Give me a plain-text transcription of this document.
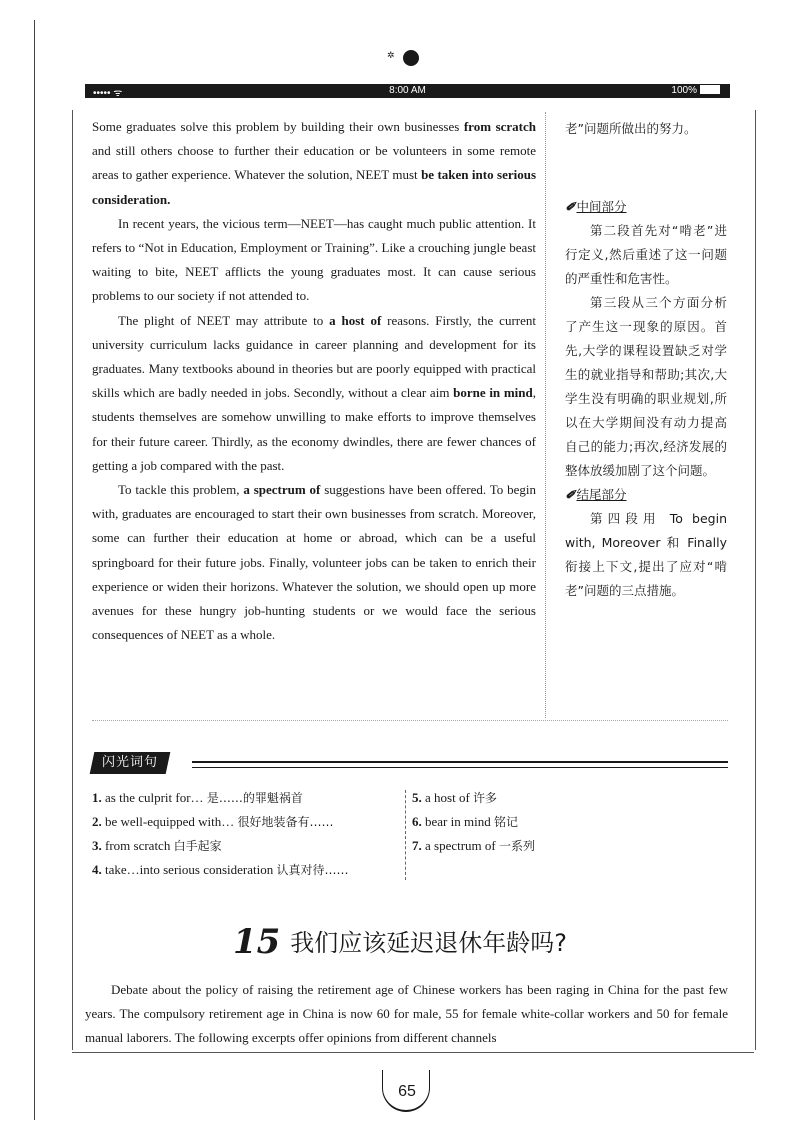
✲
••••• ᯤ	8:00 AM	100%

Some graduates solve this problem by building their own businesses from scratch and still others choose to further their education or be volunteers in some remote areas to gather experience. Whatever the solution, NEET must be taken into serious consideration.

In recent years, the vicious term—NEET—has caught much public attention. It refers to “Not in Education, Employment or Training”. Like a crouching jungle beast waiting to bite, NEET afflicts the young graduates most. It can cause serious problems to our society if not attended to.

The plight of NEET may attribute to a host of reasons. Firstly, the current university curriculum lacks guidance in career planning and development for its graduates. Many textbooks abound in theories but are poorly equipped with practical skills which are badly needed in jobs. Secondly, without a clear aim borne in mind, students themselves are somehow unwilling to make efforts to improve themselves for their future career. Thirdly, as the economy dwindles, there are fewer chances of getting a job compared with the past.

To tackle this problem, a spectrum of suggestions have been offered. To begin with, graduates are encouraged to start their own businesses from scratch. Moreover, some can further their education at home or abroad, which can be a useful springboard for their future jobs. Finally, volunteer jobs can be taken to enrich their experience or widen their horizons. Whatever the solution, we should open up more avenues for these hungry job-hunting students or we would face the serious consequences of NEET as a whole.

老”问题所做出的努力。

✐中间部分

第二段首先对“啃老”进行定义,然后重述了这一问题的严重性和危害性。

第三段从三个方面分析了产生这一现象的原因。首先,大学的课程设置缺乏对学生的就业指导和帮助;其次,大学生没有明确的职业规划,所以在大学期间没有动力提高自己的能力;再次,经济发展的整体放缓加剧了这个问题。

✐结尾部分

第四段用 To begin with, Moreover 和 Finally 衔接上下文,提出了应对“啃老”问题的三点措施。

闪光词句
1. as the culprit for… 是……的罪魁祸首
2. be well-equipped with… 很好地装备有……
3. from scratch 白手起家
4. take…into serious consideration 认真对待……
5. a host of 许多
6. bear in mind 铭记
7. a spectrum of 一系列
15 我们应该延迟退休年龄吗?

Debate about the policy of raising the retirement age of Chinese workers has been raging in China for the past few years. The compulsory retirement age in China is now 60 for male, 55 for female white-collar workers and 50 for female manual laborers. The following excerpts offer opinions from different channels

65
